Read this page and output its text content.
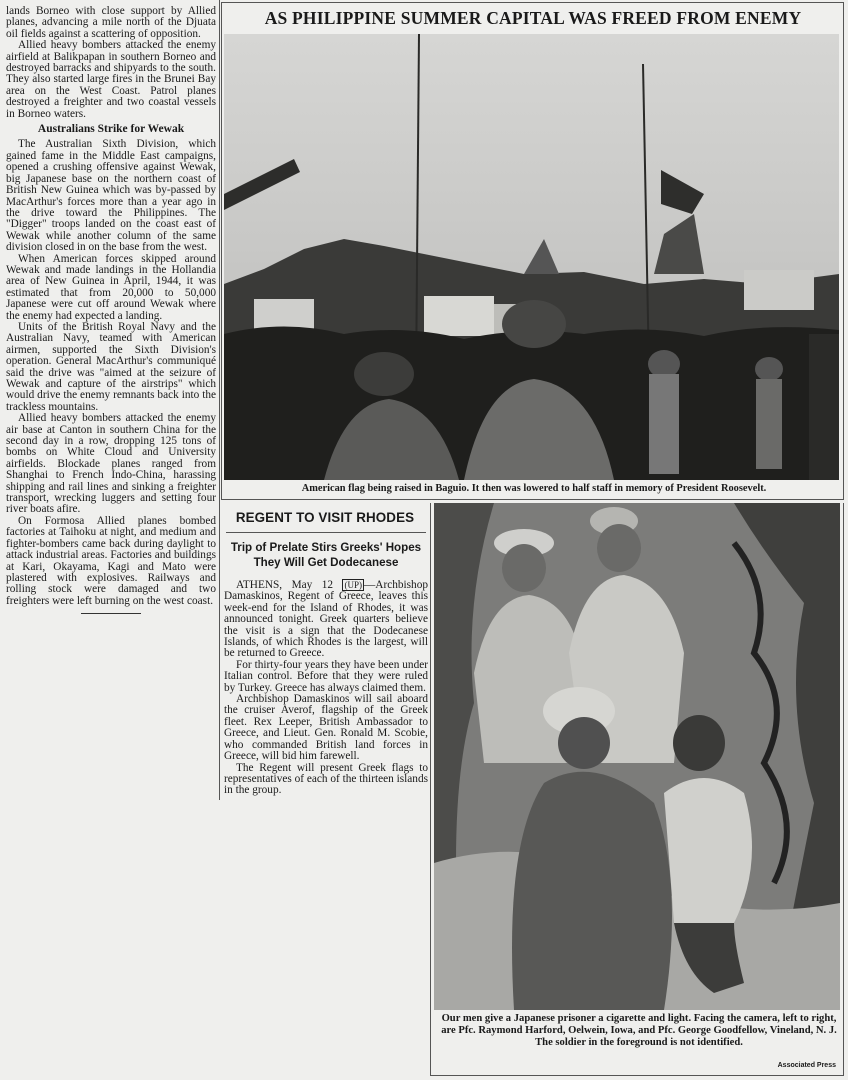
lands Borneo with close support by Allied planes, advancing a mile north of the Djuata oil fields against a scattering of opposition.

Allied heavy bombers attacked the enemy airfield at Balikpapan in southern Borneo and destroyed barracks and shipyards to the south. They also started large fires in the Brunei Bay area on the West Coast. Patrol planes destroyed a freighter and two coastal vessels in Borneo waters.

Australians Strike for Wewak

The Australian Sixth Division, which gained fame in the Middle East campaigns, opened a crushing offensive against Wewak, big Japanese base on the northern coast of British New Guinea which was by-passed by MacArthur's forces more than a year ago in the drive toward the Philippines. The "Digger" troops landed on the coast east of Wewak while another column of the same division closed in on the base from the west.

When American forces skipped around Wewak and made landings in the Hollandia area of New Guinea in April, 1944, it was estimated that from 20,000 to 50,000 Japanese were cut off around Wewak where the enemy had expected a landing.

Units of the British Royal Navy and the Australian Navy, teamed with American airmen, supported the Sixth Division's operation. General MacArthur's communiqué said the drive was "aimed at the seizure of Wewak and capture of the airstrips" which would drive the enemy remnants back into the trackless mountains.

Allied heavy bombers attacked the enemy air base at Canton in southern China for the second day in a row, dropping 125 tons of bombs on White Cloud and University airfields. Blockade planes ranged from Shanghai to French Indo-China, harassing shipping and rail lines and sinking a freighter transport, wrecking luggers and setting four river boats afire.

On Formosa Allied planes bombed factories at Taihoku at night, and medium and fighter-bombers came back during daylight to attack industrial areas. Factories and buildings at Kari, Okayama, Kagi and Mato were plastered with explosives. Railways and rolling stock were damaged and two freighters were left burning on the west coast.

AS PHILIPPINE SUMMER CAPITAL WAS FREED FROM ENEMY
American flag being raised in Baguio. It then was lowered to half staff in memory of President Roosevelt.
REGENT TO VISIT RHODES
Trip of Prelate Stirs Greeks' Hopes They Will Get Dodecanese

ATHENS, May 12 (UP) —Archbishop Damaskinos, Regent of Greece, leaves this week-end for the Island of Rhodes, it was announced tonight. Greek quarters believe the visit is a sign that the Dodecanese Islands, of which Rhodes is the largest, will be returned to Greece.

For thirty-four years they have been under Italian control. Before that they were ruled by Turkey. Greece has always claimed them.

Archbishop Damaskinos will sail aboard the cruiser Averof, flagship of the Greek fleet. Rex Leeper, British Ambassador to Greece, and Lieut. Gen. Ronald M. Scobie, who commanded British land forces in Greece, will bid him farewell.

The Regent will present Greek flags to representatives of each of the thirteen islands in the group.

Our men give a Japanese prisoner a cigarette and light. Facing the camera, left to right, are Pfc. Raymond Harford, Oelwein, Iowa, and Pfc. George Goodfellow, Vineland, N. J. The soldier in the foreground is not identified.
Associated Press
